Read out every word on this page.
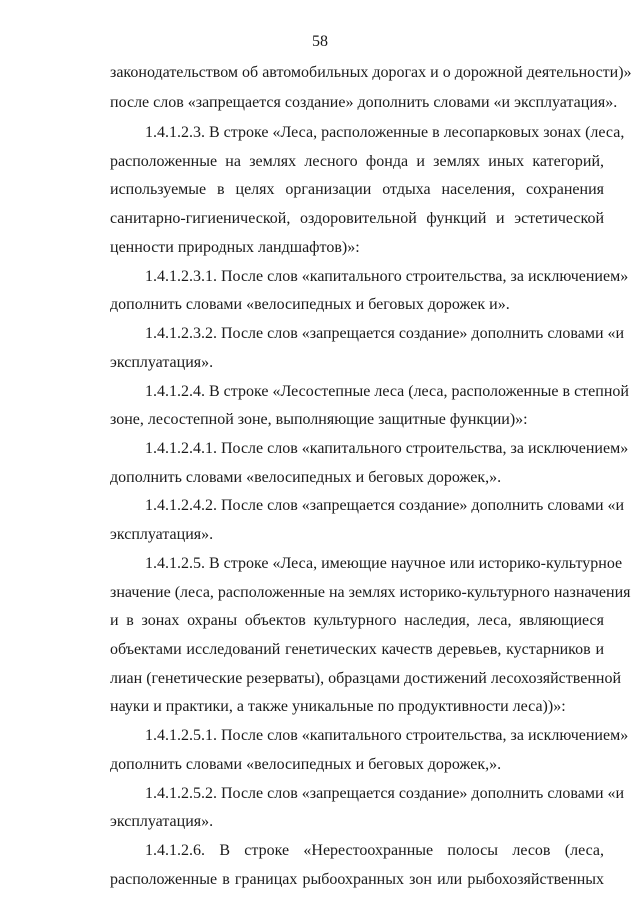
58
законодательством об автомобильных дорогах и о дорожной деятельности)»
после слов «запрещается создание» дополнить словами «и эксплуатация».
1.4.1.2.3. В строке «Леса, расположенные в лесопарковых зонах (леса,
расположенные на землях лесного фонда и землях иных категорий,
используемые в целях организации отдыха населения, сохранения
санитарно-гигиенической, оздоровительной функций и эстетической
ценности природных ландшафтов)»:
1.4.1.2.3.1. После слов «капитального строительства, за исключением»
дополнить словами «велосипедных и беговых дорожек и».
1.4.1.2.3.2. После слов «запрещается создание» дополнить словами «и
эксплуатация».
1.4.1.2.4. В строке «Лесостепные леса (леса, расположенные в степной
зоне, лесостепной зоне, выполняющие защитные функции)»:
1.4.1.2.4.1. После слов «капитального строительства, за исключением»
дополнить словами «велосипедных и беговых дорожек,».
1.4.1.2.4.2. После слов «запрещается создание» дополнить словами «и
эксплуатация».
1.4.1.2.5. В строке «Леса, имеющие научное или историко-культурное
значение (леса, расположенные на землях историко-культурного назначения
и в зонах охраны объектов культурного наследия, леса, являющиеся
объектами исследований генетических качеств деревьев, кустарников и
лиан (генетические резерваты), образцами достижений лесохозяйственной
науки и практики, а также уникальные по продуктивности леса))»:
1.4.1.2.5.1. После слов «капитального строительства, за исключением»
дополнить словами «велосипедных и беговых дорожек,».
1.4.1.2.5.2. После слов «запрещается создание» дополнить словами «и
эксплуатация».
1.4.1.2.6. В строке «Нерестоохранные полосы лесов (леса,
расположенные в границах рыбоохранных зон или рыбохозяйственных
